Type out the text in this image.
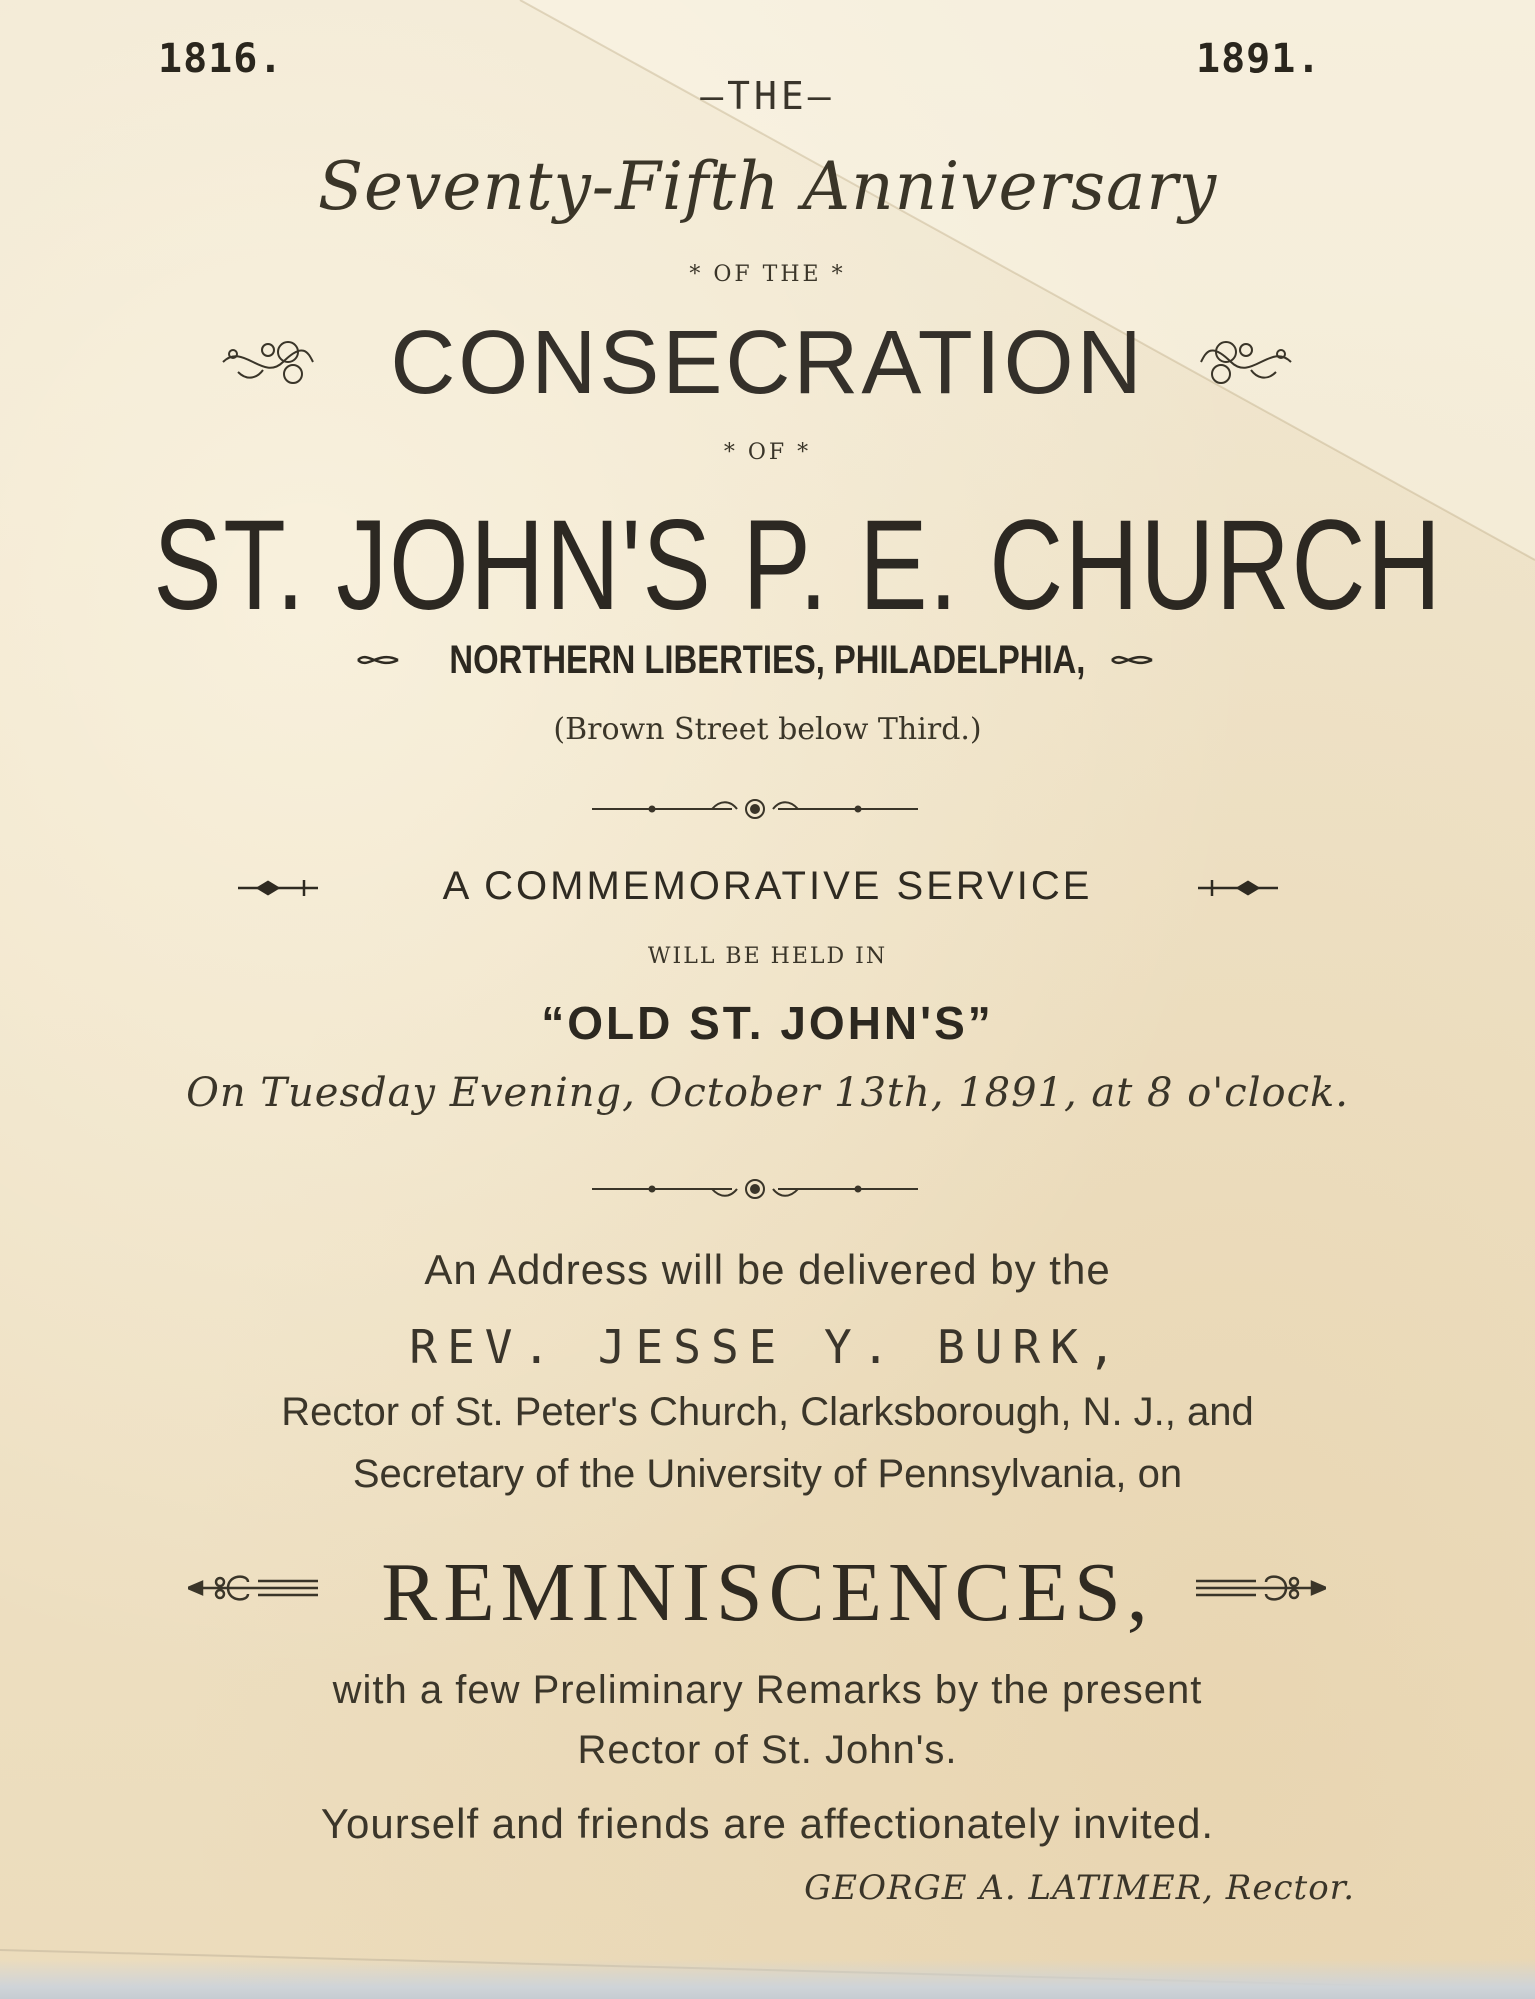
1816.	1891.
—THE—
Seventy-Fifth Anniversary
* OF THE *
CONSECRATION
* OF *
ST. JOHN'S P. E. CHURCH
NORTHERN LIBERTIES, PHILADELPHIA,
(Brown Street below Third.)
A COMMEMORATIVE SERVICE
WILL BE HELD IN
“OLD ST. JOHN'S”
On Tuesday Evening, October 13th, 1891, at 8 o'clock.
An Address will be delivered by the
REV. JESSE Y. BURK,
Rector of St. Peter's Church, Clarksborough, N. J., and
Secretary of the University of Pennsylvania, on
REMINISCENCES,
with a few Preliminary Remarks by the present
Rector of St. John's.
Yourself and friends are affectionately invited.
GEORGE A. LATIMER, Rector.
